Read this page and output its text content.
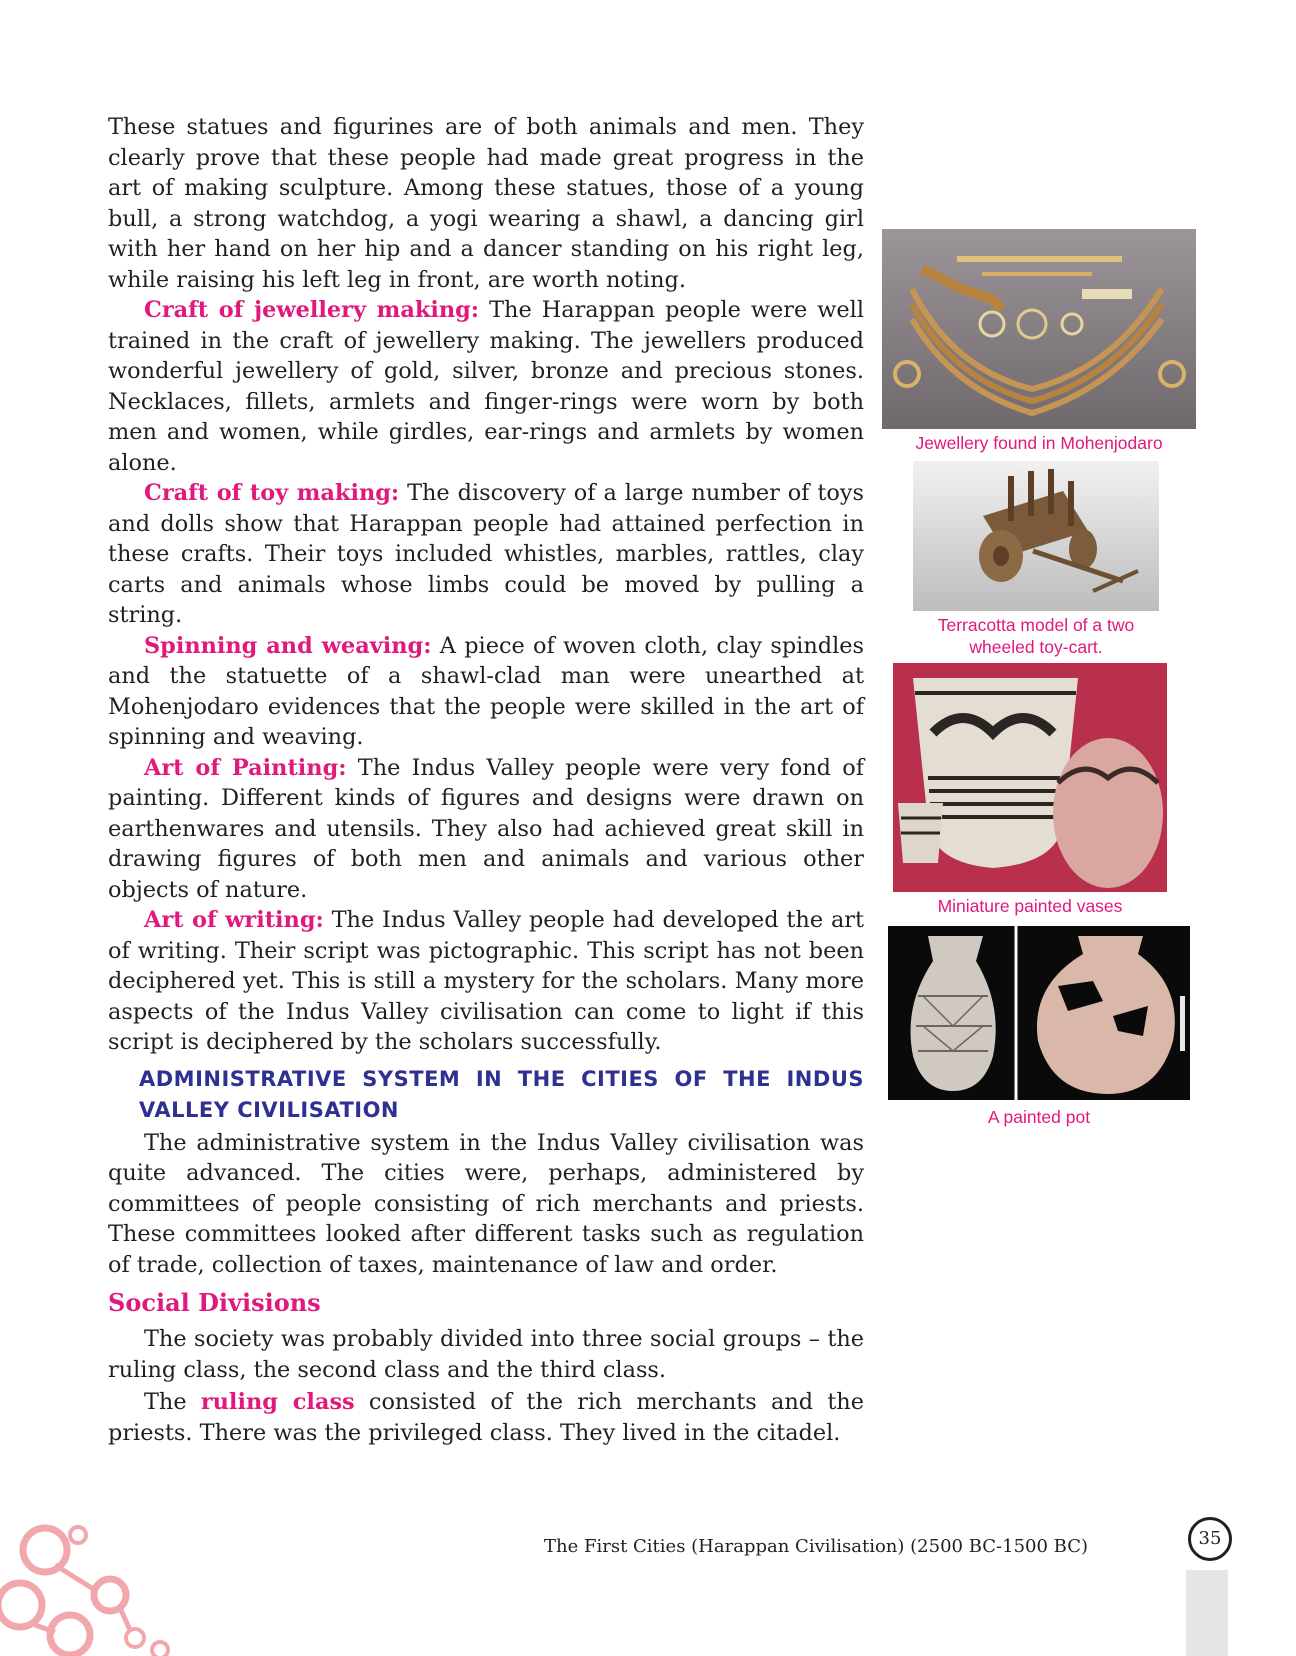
These statues and figurines are of both animals and men. They clearly prove that these people had made great progress in the art of making sculpture. Among these statues, those of a young bull, a strong watchdog, a yogi wearing a shawl, a dancing girl with her hand on her hip and a dancer standing on his right leg, while raising his left leg in front, are worth noting.

Craft of jewellery making: The Harappan people were well trained in the craft of jewellery making. The jewellers produced wonderful jewellery of gold, silver, bronze and precious stones. Necklaces, fillets, armlets and finger-rings were worn by both men and women, while girdles, ear-rings and armlets by women alone.

Craft of toy making: The discovery of a large number of toys and dolls show that Harappan people had attained perfection in these crafts. Their toys included whistles, marbles, rattles, clay carts and animals whose limbs could be moved by pulling a string.

Spinning and weaving: A piece of woven cloth, clay spindles and the statuette of a shawl-clad man were unearthed at Mohenjodaro evidences that the people were skilled in the art of spinning and weaving.

Art of Painting: The Indus Valley people were very fond of painting. Different kinds of figures and designs were drawn on earthenwares and utensils. They also had achieved great skill in drawing figures of both men and animals and various other objects of nature.

Art of writing: The Indus Valley people had developed the art of writing. Their script was pictographic. This script has not been deciphered yet. This is still a mystery for the scholars. Many more aspects of the Indus Valley civilisation can come to light if this script is deciphered by the scholars successfully.

ADMINISTRATIVE SYSTEM IN THE CITIES OF THE INDUS VALLEY CIVILISATION

The administrative system in the Indus Valley civilisation was quite advanced. The cities were, perhaps, administered by committees of people consisting of rich merchants and priests. These committees looked after different tasks such as regulation of trade, collection of taxes, maintenance of law and order.

Social Divisions

The society was probably divided into three social groups – the ruling class, the second class and the third class.

The ruling class consisted of the rich merchants and the priests. There was the privileged class. They lived in the citadel.

Jewellery found in Mohenjodaro
Terracotta model of a two
wheeled toy-cart.
Miniature painted vases
A painted pot
The First Cities (Harappan Civilisation) (2500 BC-1500 BC)	35
